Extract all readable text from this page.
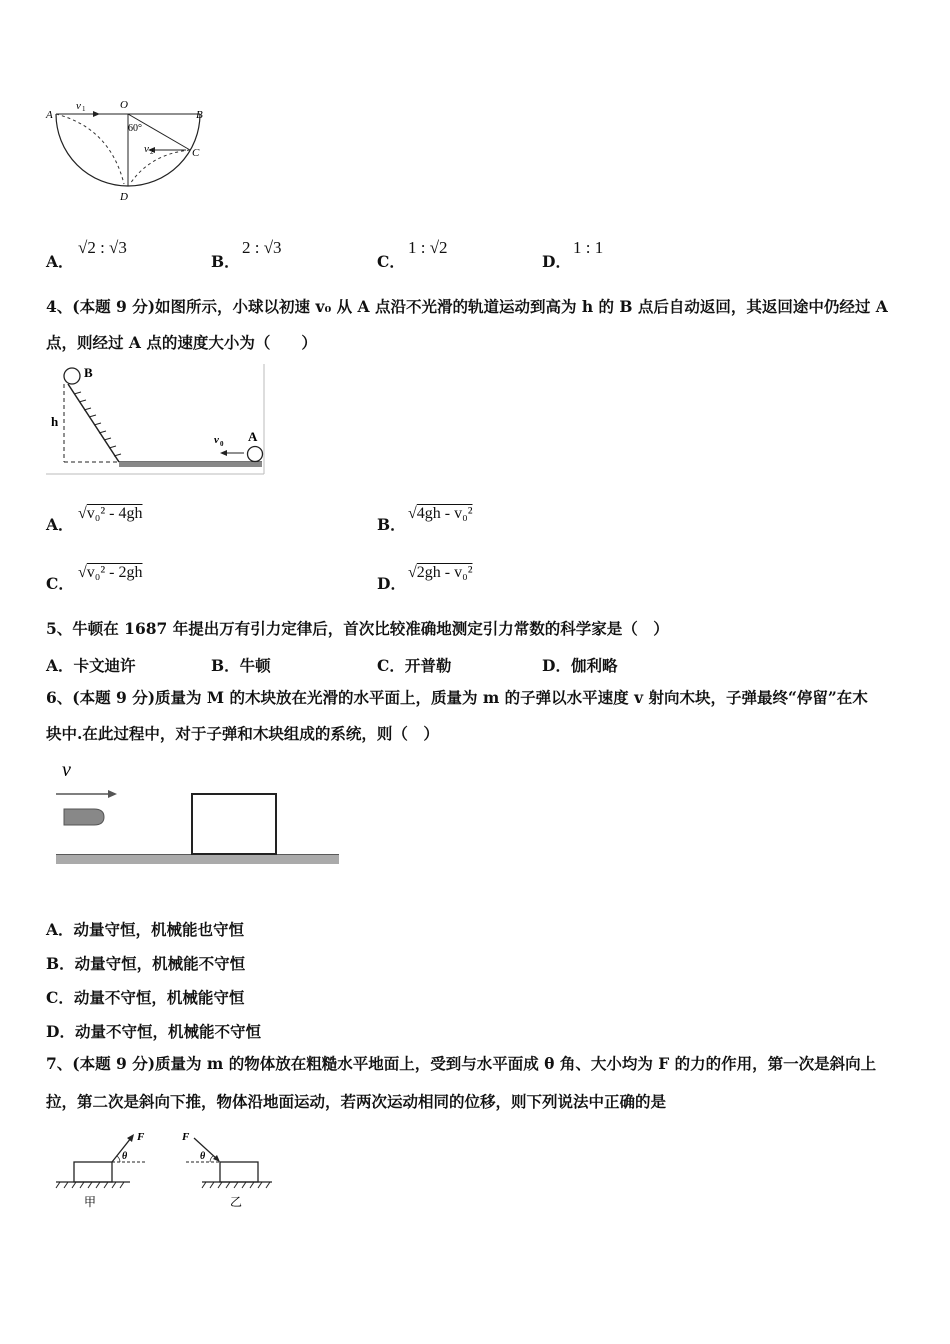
A
O
B
C
D
v 1
v 2
60°
A．
√2 : √3
B．
2 : √3
C．
1 : √2
D．
1 : 1
4、(本题 9 分)如图所示，小球以初速 v₀ 从 A 点沿不光滑的轨道运动到高为 h 的 B 点后自动返回，其返回途中仍经过 A
点，则经过 A 点的速度大小为（　　）
B
h
A
v 0
A．
√v₀² - 4gh
B．
√4gh - v₀²
C．
√v₀² - 2gh
D．
√2gh - v₀²
5、牛顿在 1687 年提出万有引力定律后，首次比较准确地测定引力常数的科学家是（　）
A．卡文迪许	B．牛顿	C．开普勒	D．伽利略
6、(本题 9 分)质量为 M 的木块放在光滑的水平面上，质量为 m 的子弹以水平速度 v 射向木块，子弹最终“停留”在木
块中.在此过程中，对于子弹和木块组成的系统，则（　）
v
A．动量守恒，机械能也守恒
B．动量守恒，机械能不守恒
C．动量不守恒，机械能守恒
D．动量不守恒，机械能不守恒
7、(本题 9 分)质量为 m 的物体放在粗糙水平地面上，受到与水平面成 θ 角、大小均为 F 的力的作用，第一次是斜向上
拉，第二次是斜向下推，物体沿地面运动，若两次运动相同的位移，则下列说法中正确的是
F
θ
甲
F
θ
乙
